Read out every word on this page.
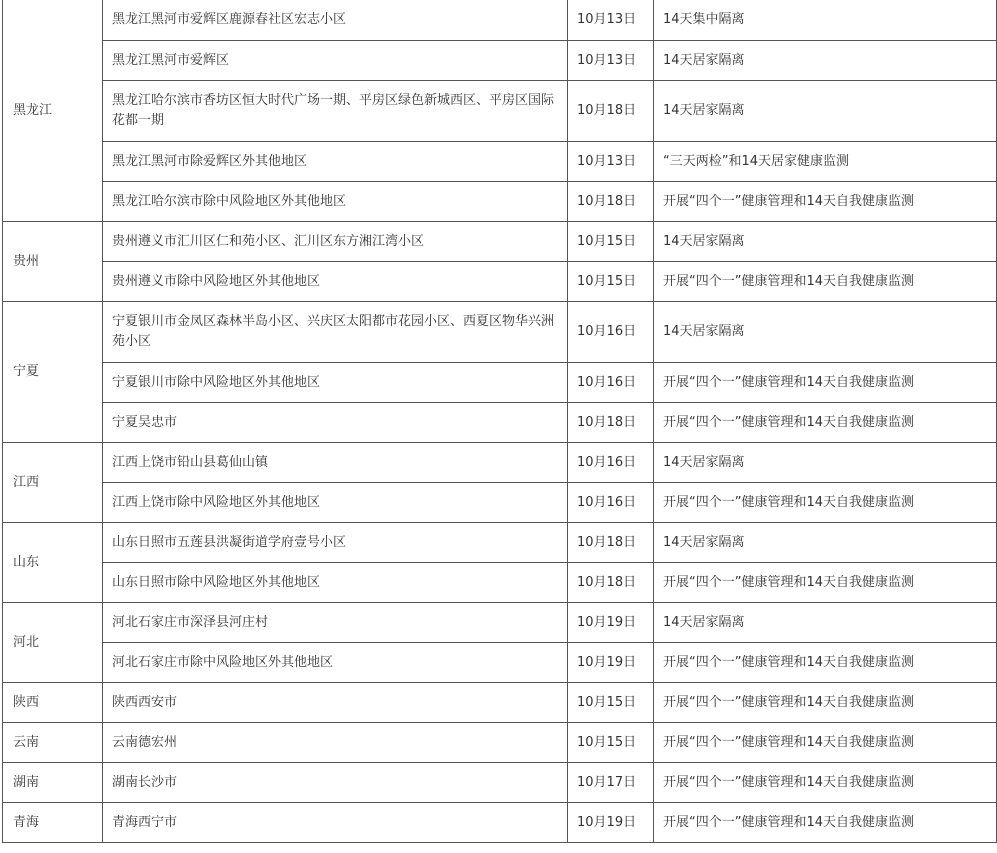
黑龙江	黑龙江黑河市爱辉区鹿源春社区宏志小区	10月13日	14天集中隔离
	黑龙江黑河市爱辉区	10月13日	14天居家隔离
	黑龙江哈尔滨市香坊区恒大时代广场一期、平房区绿色新城西区、平房区国际花都一期	10月18日	14天居家隔离
	黑龙江黑河市除爱辉区外其他地区	10月13日	“三天两检”和14天居家健康监测
	黑龙江哈尔滨市除中风险地区外其他地区	10月18日	开展“四个一”健康管理和14天自我健康监测
贵州	贵州遵义市汇川区仁和苑小区、汇川区东方湘江湾小区	10月15日	14天居家隔离
	贵州遵义市除中风险地区外其他地区	10月15日	开展“四个一”健康管理和14天自我健康监测
宁夏	宁夏银川市金凤区森林半岛小区、兴庆区太阳都市花园小区、西夏区物华兴洲苑小区	10月16日	14天居家隔离
	宁夏银川市除中风险地区外其他地区	10月16日	开展“四个一”健康管理和14天自我健康监测
	宁夏吴忠市	10月18日	开展“四个一”健康管理和14天自我健康监测
江西	江西上饶市铅山县葛仙山镇	10月16日	14天居家隔离
	江西上饶市除中风险地区外其他地区	10月16日	开展“四个一”健康管理和14天自我健康监测
山东	山东日照市五莲县洪凝街道学府壹号小区	10月18日	14天居家隔离
	山东日照市除中风险地区外其他地区	10月18日	开展“四个一”健康管理和14天自我健康监测
河北	河北石家庄市深泽县河庄村	10月19日	14天居家隔离
	河北石家庄市除中风险地区外其他地区	10月19日	开展“四个一”健康管理和14天自我健康监测
陕西	陕西西安市	10月15日	开展“四个一”健康管理和14天自我健康监测
云南	云南德宏州	10月15日	开展“四个一”健康管理和14天自我健康监测
湖南	湖南长沙市	10月17日	开展“四个一”健康管理和14天自我健康监测
青海	青海西宁市	10月19日	开展“四个一”健康管理和14天自我健康监测
